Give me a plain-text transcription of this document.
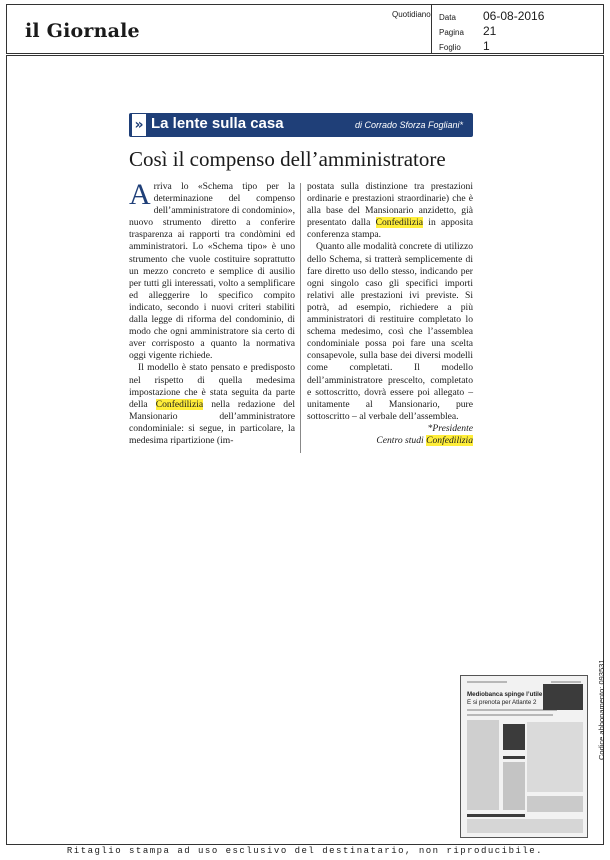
il Giornale
Quotidiano Data 06-08-2016
Pagina 21
Foglio 1
» La lente sulla casa	di Corrado Sforza Fogliani*
Così il compenso dell’amministratore

Arriva lo «Schema tipo per la determinazione del compenso dell’amministratore di condominio», nuovo strumento diretto a conferire trasparenza ai rapporti tra condòmini ed amministratori. Lo «Schema tipo» è uno strumento che vuole costituire soprattutto un mezzo concreto e semplice di ausilio per tutti gli interessati, volto a semplificare ed alleggerire lo specifico compito indicato, secondo i nuovi criteri stabiliti dalla legge di riforma del condominio, di modo che ogni amministratore sia certo di aver corrisposto a quanto la normativa oggi vigente richiede.

Il modello è stato pensato e predisposto nel rispetto di quella medesima impostazione che è stata seguita da parte della Confedilizia nella redazione del Mansionario dell’amministratore condominiale: si segue, in particolare, la medesima ripartizione (im-

postata sulla distinzione tra prestazioni ordinarie e prestazioni straordinarie) che è alla base del Mansionario anzidetto, già presentato dalla Confedilizia in apposita conferenza stampa.

Quanto alle modalità concrete di utilizzo dello Schema, si tratterà semplicemente di fare diretto uso dello stesso, indicando per ogni singolo caso gli specifici importi relativi alle prestazioni ivi previste. Si potrà, ad esempio, richiedere a più amministratori di restituire completato lo schema medesimo, così che l’assemblea condominiale possa poi fare una scelta consapevole, sulla base dei diversi modelli come completati. Il modello dell’amministratore prescelto, completato e sottoscritto, dovrà essere poi allegato – unitamente al Mansionario, pure sottoscritto – al verbale dell’assemblea.

*Presidente

Centro studi Confedilizia

Mediobanca spinge l’utile
E si prenota per Atlante 2	Codice abbonamento: 093531
Ritaglio stampa ad uso esclusivo del destinatario, non riproducibile.
